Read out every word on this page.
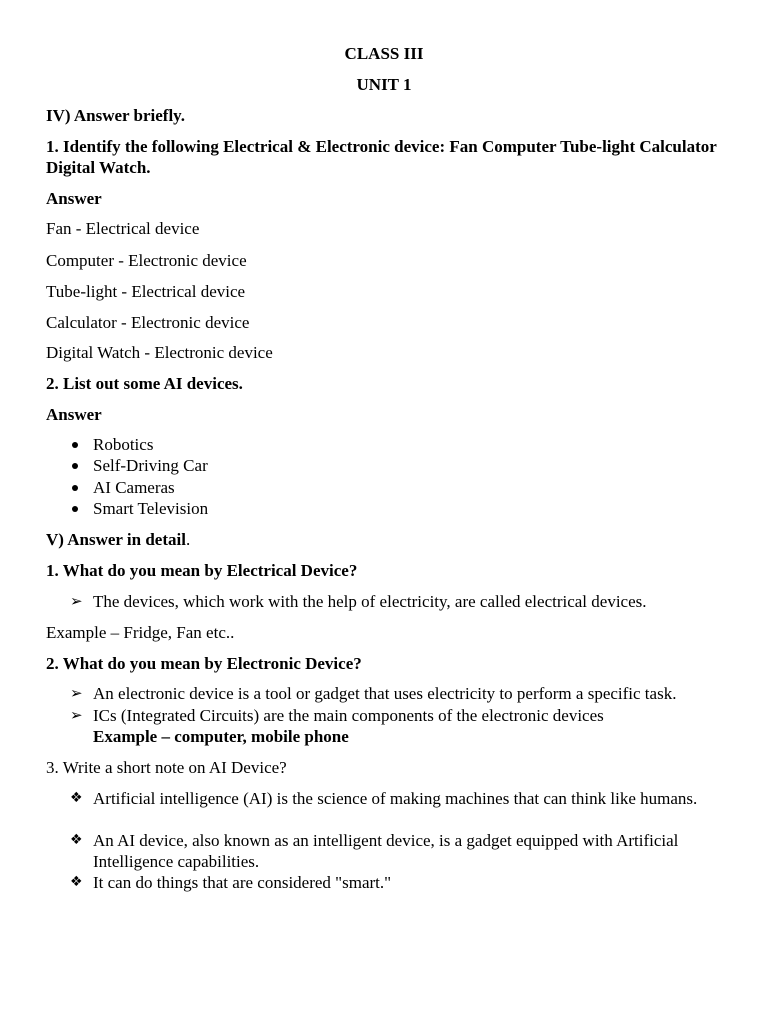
CLASS III
UNIT 1
IV) Answer briefly.
1. Identify the following Electrical & Electronic device: Fan Computer Tube-light Calculator Digital Watch.
Answer
Fan - Electrical device
Computer - Electronic device
Tube-light - Electrical device
Calculator - Electronic device
Digital Watch - Electronic device
2. List out some AI devices.
Answer
Robotics
Self-Driving Car
AI Cameras
Smart Television
V) Answer in detail.
1. What do you mean by Electrical Device?
➢ The devices, which work with the help of electricity, are called electrical devices.
Example – Fridge, Fan etc..
2. What do you mean by Electronic Device?
➢ An electronic device is a tool or gadget that uses electricity to perform a specific task.
➢ ICs (Integrated Circuits) are the main components of the electronic devices
Example – computer, mobile phone
3. Write a short note on AI Device?
❖ Artificial intelligence (AI) is the science of making machines that can think like humans.
❖ An AI device, also known as an intelligent device, is a gadget equipped with Artificial Intelligence capabilities.
❖ It can do things that are considered "smart."
